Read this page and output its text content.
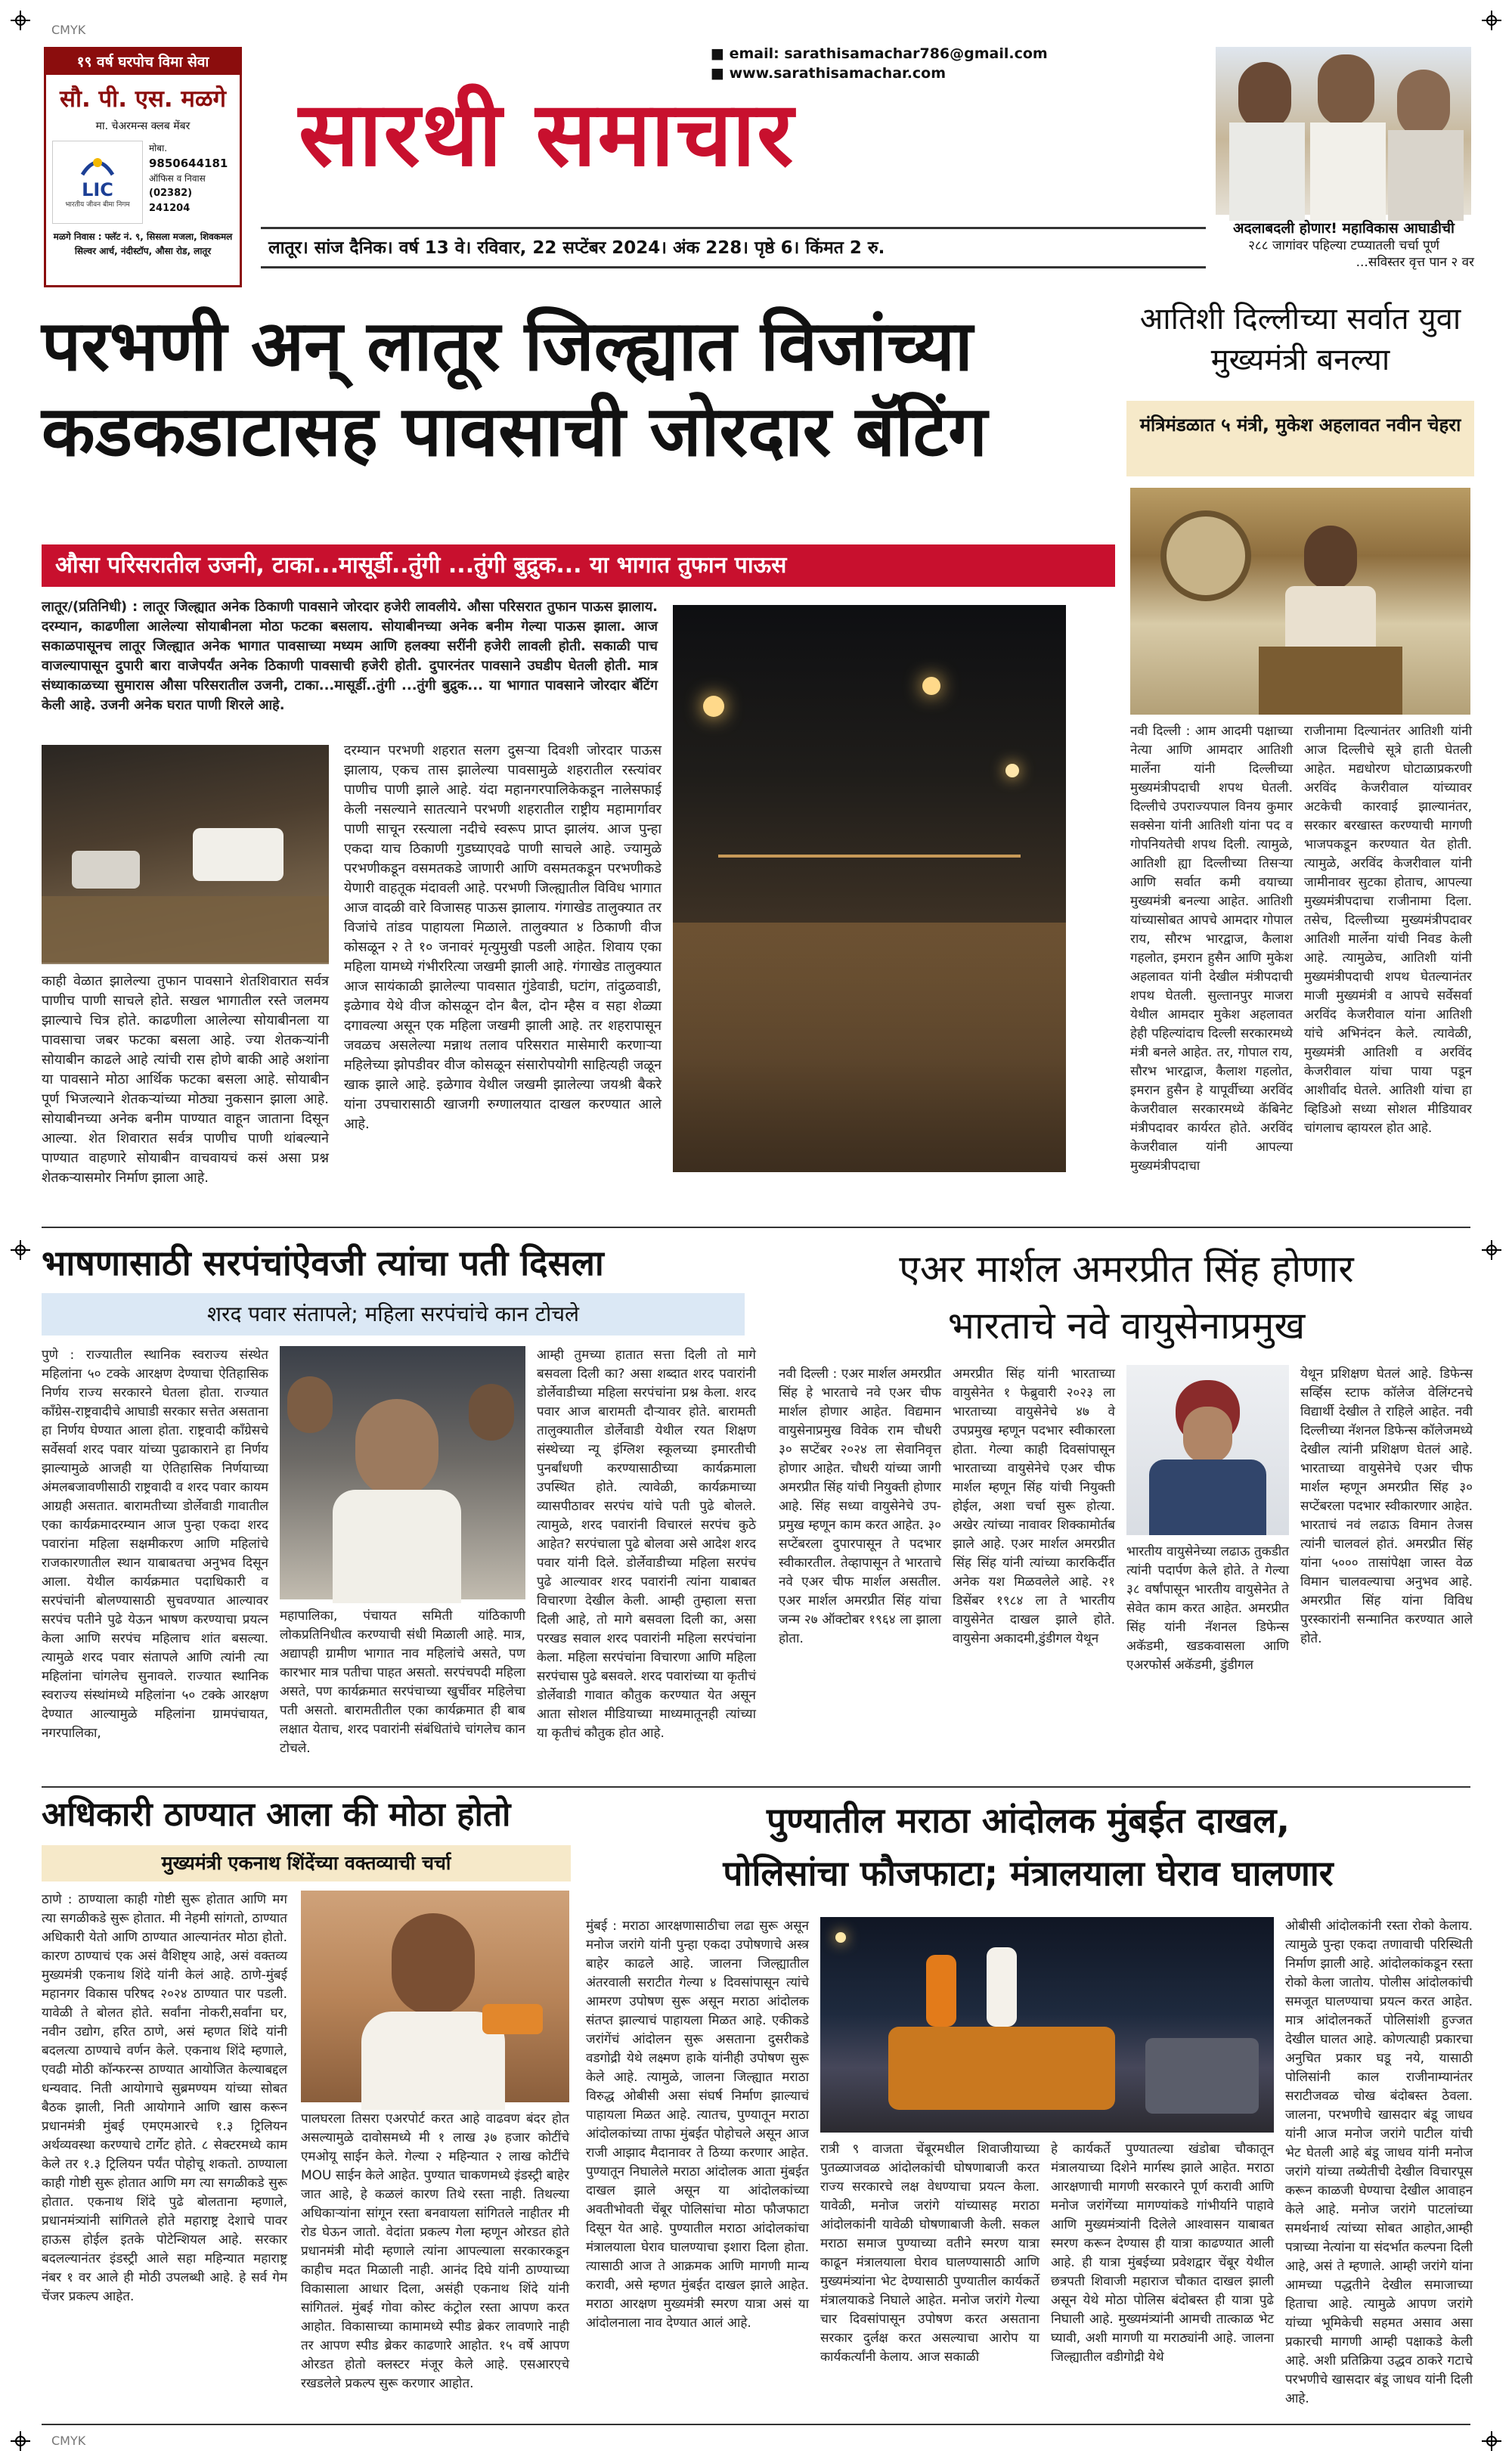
CMYK
CMYK
१९ वर्ष घरपोच विमा सेवा
सौ. पी. एस. मळगे
मा. चेअरमन्स क्लब मेंबर
LIC
भारतीय जीवन बीमा निगम
मोबा.
9850644181
ऑफिस व निवास
(02382) 241204
मळगे निवास : फ्लॅट नं. ९, सिसला मजला, शिवकमल सिल्वर आर्च, नंदीस्टॉप, औसा रोड, लातूर
■ email: sarathisamachar786@gmail.com
■ www.sarathisamachar.com
सारथी समाचार
लातूर। सांज दैनिक। वर्ष 13 वे। रविवार, 22 सप्टेंबर 2024। अंक 228। पृष्ठे 6। किंमत 2 रु.
अदलाबदली होणार! महाविकास आघाडीची
२८८ जागांवर पहिल्या टप्प्यातली चर्चा पूर्ण
...सविस्तर वृत्त पान २ वर
परभणी अन् लातूर जिल्ह्यात विजांच्या
कडकडाटासह पावसाची जोरदार बॅटिंग
औसा परिसरातील उजनी, टाका...मासूर्डी..तुंगी ...तुंगी बुद्रुक... या भागात तुफान पाऊस
लातूर/(प्रतिनिधी) : लातूर जिल्ह्यात अनेक ठिकाणी पावसाने जोरदार हजेरी लावलीये. औसा परिसरात तुफान पाऊस झालाय. दरम्यान, काढणीला आलेल्या सोयाबीनला मोठा फटका बसलाय. सोयाबीनच्या अनेक बनीम गेल्या पाऊस झाला. आज सकाळपासूनच लातूर जिल्ह्यात अनेक भागात पावसाच्या मध्यम आणि हलक्या सरींनी हजेरी लावली होती. सकाळी पाच वाजल्यापासून दुपारी बारा वाजेपर्यंत अनेक ठिकाणी पावसाची हजेरी होती. दुपारनंतर पावसाने उघडीप घेतली होती. मात्र संध्याकाळच्या सुमारास औसा परिसरातील उजनी, टाका...मासूर्डी..तुंगी ...तुंगी बुद्रुक... या भागात पावसाने जोरदार बॅटिंग केली आहे. उजनी अनेक घरात पाणी शिरले आहे.
काही वेळात झालेल्या तुफान पावसाने शेतशिवारात सर्वत्र पाणीच पाणी साचले होते. सखल भागातील रस्ते जलमय झाल्याचे चित्र होते. काढणीला आलेल्या सोयाबीनला या पावसाचा जबर फटका बसला आहे. ज्या शेतकऱ्यांनी सोयाबीन काढले आहे त्यांची रास होणे बाकी आहे अशांना या पावसाने मोठा आर्थिक फटका बसला आहे. सोयाबीन पूर्ण भिजल्याने शेतकऱ्यांच्या मोठ्या नुकसान झाला आहे. सोयाबीनच्या अनेक बनीम पाण्यात वाहून जाताना दिसून आल्या. शेत शिवारात सर्वत्र पाणीच पाणी थांबल्याने पाण्यात वाहणारे सोयाबीन वाचवायचं कसं असा प्रश्न शेतकऱ्यासमोर निर्माण झाला आहे.
दरम्यान परभणी शहरात सलग दुसऱ्या दिवशी जोरदार पाऊस झालाय, एकच तास झालेल्या पावसामुळे शहरातील रस्त्यांवर पाणीच पाणी झाले आहे. यंदा महानगरपालिकेकडून नालेसफाई केली नसल्याने सातत्याने परभणी शहरातील राष्ट्रीय महामार्गावर पाणी साचून रस्त्याला नदीचे स्वरूप प्राप्त झालंय. आज पुन्हा एकदा याच ठिकाणी गुडघ्याएवढे पाणी साचले आहे. ज्यामुळे परभणीकडून वसमतकडे जाणारी आणि वसमतकडून परभणीकडे येणारी वाहतूक मंदावली आहे. परभणी जिल्ह्यातील विविध भागात आज वादळी वारे विजासह पाऊस झालाय. गंगाखेड तालुक्यात तर विजांचे तांडव पाहायला मिळाले. तालुक्यात ४ ठिकाणी वीज कोसळून २ ते १० जनावरं मृत्युमुखी पडली आहेत. शिवाय एका महिला यामध्ये गंभीररित्या जखमी झाली आहे. गंगाखेड तालुक्यात आज सायंकाळी झालेल्या पावसात गुंडेवाडी, घटांग, तांदुळवाडी, इळेगाव येथे वीज कोसळून दोन बैल, दोन म्हैस व सहा शेळ्या दगावल्या असून एक महिला जखमी झाली आहे. तर शहरापासून जवळच असलेल्या मन्नाथ तलाव परिसरात मासेमारी करणाऱ्या महिलेच्या झोपडीवर वीज कोसळून संसारोपयोगी साहित्यही जळून खाक झाले आहे. इळेगाव येथील जखमी झालेल्या जयश्री बैकरे यांना उपचारासाठी खाजगी रुग्णालयात दाखल करण्यात आले आहे.
आतिशी दिल्लीच्या सर्वात युवा मुख्यमंत्री बनल्या
मंत्रिमंडळात ५ मंत्री, मुकेश अहलावत नवीन चेहरा
नवी दिल्ली : आम आदमी पक्षाच्या नेत्या आणि आमदार आतिशी मार्लेना यांनी दिल्लीच्या मुख्यमंत्रीपदाची शपथ घेतली. दिल्लीचे उपराज्यपाल विनय कुमार सक्सेना यांनी आतिशी यांना पद व गोपनियतेची शपथ दिली. त्यामुळे, आतिशी ह्या दिल्लीच्या तिसऱ्या आणि सर्वात कमी वयाच्या मुख्यमंत्री बनल्या आहेत. आतिशी यांच्यासोबत आपचे आमदार गोपाल राय, सौरभ भारद्वाज, कैलाश गहलोत, इमरान हुसैन आणि मुकेश अहलावत यांनी देखील मंत्रीपदाची शपथ घेतली. सुल्तानपुर माजरा येथील आमदार मुकेश अहलावत हेही पहिल्यांदाच दिल्ली सरकारमध्ये मंत्री बनले आहेत. तर, गोपाल राय, सौरभ भारद्वाज, कैलाश गहलोत, इमरान हुसैन हे यापूर्वीच्या अरविंद केजरीवाल सरकारमध्ये कॅबिनेट मंत्रीपदावर कार्यरत होते. अरविंद केजरीवाल यांनी आपल्या मुख्यमंत्रीपदाचा
राजीनामा दिल्यानंतर आतिशी यांनी आज दिल्लीचे सूत्रे हाती घेतली आहेत. मद्यधोरण घोटाळाप्रकरणी अरविंद केजरीवाल यांच्यावर अटकेची कारवाई झाल्यानंतर, सरकार बरखास्त करण्याची मागणी भाजपकडून करण्यात येत होती. त्यामुळे, अरविंद केजरीवाल यांनी जामीनावर सुटका होताच, आपल्या मुख्यमंत्रीपदाचा राजीनामा दिला. तसेच, दिल्लीच्या मुख्यमंत्रीपदावर आतिशी मार्लेना यांची निवड केली आहे. त्यामुळेच, आतिशी यांनी मुख्यमंत्रीपदाची शपथ घेतल्यानंतर माजी मुख्यमंत्री व आपचे सर्वेसर्वा अरविंद केजरीवाल यांना आतिशी यांचे अभिनंदन केले. त्यावेळी, मुख्यमंत्री आतिशी व अरविंद केजरीवाल यांचा पाया पडून आशीर्वाद घेतले. आतिशी यांचा हा व्हिडिओ सध्या सोशल मीडियावर चांगलाच व्हायरल होत आहे.
भाषणासाठी सरपंचांऐवजी त्यांचा पती दिसला
शरद पवार संतापले; महिला सरपंचांचे कान टोचले
पुणे : राज्यातील स्थानिक स्वराज्य संस्थेत महिलांना ५० टक्के आरक्षण देण्याचा ऐतिहासिक निर्णय राज्य सरकारने घेतला होता. राज्यात काँग्रेस-राष्ट्रवादीचे आघाडी सरकार सत्तेत असताना हा निर्णय घेण्यात आला होता. राष्ट्रवादी काँग्रेसचे सर्वेसर्वा शरद पवार यांच्या पुढाकाराने हा निर्णय झाल्यामुळे आजही या ऐतिहासिक निर्णयाच्या अंमलबजावणीसाठी राष्ट्रवादी व शरद पवार कायम आग्रही असतात. बारामतीच्या डोर्लेवाडी गावातील एका कार्यक्रमादरम्यान आज पुन्हा एकदा शरद पवारांना महिला सक्षमीकरण आणि महिलांचे राजकारणातील स्थान याबाबतचा अनुभव दिसून आला. येथील कार्यक्रमात पदाधिकारी व सरपंचांनी बोलण्यासाठी सुचवण्यात आल्यावर सरपंच पतीने पुढे येऊन भाषण करण्याचा प्रयत्न केला आणि सरपंच महिलाच शांत बसल्या. त्यामुळे शरद पवार संतापले आणि त्यांनी त्या महिलांना चांगलेच सुनावले. राज्यात स्थानिक स्वराज्य संस्थांमध्ये महिलांना ५० टक्के आरक्षण देण्यात आल्यामुळे महिलांना ग्रामपंचायत, नगरपालिका,
महापालिका, पंचायत समिती यांठिकाणी लोकप्रतिनिधीत्व करण्याची संधी मिळाली आहे. मात्र, अद्यापही ग्रामीण भागात नाव महिलांचे असते, पण कारभार मात्र पतीचा पाहत असतो. सरपंचपदी महिला असते, पण कार्यक्रमात सरपंचाच्या खुर्चीवर महिलेचा पती असतो. बारामतीतील एका कार्यक्रमात ही बाब लक्षात येताच, शरद पवारांनी संबंधितांचे चांगलेच कान टोचले.
आम्ही तुमच्या हातात सत्ता दिली तो मागे बसवला दिली का? असा शब्दात शरद पवारांनी डोर्लेवाडीच्या महिला सरपंचांना प्रश्न केला. शरद पवार आज बारामती दौऱ्यावर होते. बारामती तालुक्यातील डोर्लेवाडी येथील रयत शिक्षण संस्थेच्या न्यू इंग्लिश स्कूलच्या इमारतीची पुनर्बांधणी करण्यासाठीच्या कार्यक्रमाला उपस्थित होते. त्यावेळी, कार्यक्रमाच्या व्यासपीठावर सरपंच यांचे पती पुढे बोलले. त्यामुळे, शरद पवारांनी विचारलं सरपंच कुठे आहेत? सरपंचाला पुढे बोलवा असे आदेश शरद पवार यांनी दिले. डोर्लेवाडीच्या महिला सरपंच पुढे आल्यावर शरद पवारांनी त्यांना याबाबत विचारणा देखील केली. आम्ही तुम्हाला सत्ता दिली आहे, तो मागे बसवला दिली का, असा परखड सवाल शरद पवारांनी महिला सरपंचांना केला. महिला सरपंचांना विचारणा आणि महिला सरपंचास पुढे बसवले. शरद पवारांच्या या कृतीचं डोर्लेवाडी गावात कौतुक करण्यात येत असून आता सोशल मीडियाच्या माध्यमातूनही त्यांच्या या कृतीचं कौतुक होत आहे.
एअर मार्शल अमरप्रीत सिंह होणार
भारताचे नवे वायुसेनाप्रमुख
नवी दिल्ली : एअर मार्शल अमरप्रीत सिंह हे भारताचे नवे एअर चीफ मार्शल होणार आहेत. विद्यमान वायुसेनाप्रमुख विवेक राम चौधरी ३० सप्टेंबर २०२४ ला सेवानिवृत्त होणार आहेत. चौधरी यांच्या जागी अमरप्रीत सिंह यांची नियुक्ती होणार आहे. सिंह सध्या वायुसेनेचे उप-प्रमुख म्हणून काम करत आहेत. ३० सप्टेंबरला दुपारपासून ते पदभार स्वीकारतील. तेव्हापासून ते भारताचे नवे एअर चीफ मार्शल असतील. एअर मार्शल अमरप्रीत सिंह यांचा जन्म २७ ऑक्टोबर १९६४ ला झाला होता.
अमरप्रीत सिंह यांनी भारताच्या वायुसेनेत १ फेब्रुवारी २०२३ ला भारताच्या वायुसेनेचे ४७ वे उपप्रमुख म्हणून पदभार स्वीकारला होता. गेल्या काही दिवसांपासून भारताच्या वायुसेनेचे एअर चीफ मार्शल म्हणून सिंह यांची नियुक्ती होईल, अशा चर्चा सुरू होत्या. अखेर त्यांच्या नावावर शिक्कामोर्तब झाले आहे. एअर मार्शल अमरप्रीत सिंह सिंह यांनी त्यांच्या कारकिर्दीत अनेक यश मिळवलेले आहे. २१ डिसेंबर १९८४ ला ते भारतीय वायुसेनेत दाखल झाले होते. वायुसेना अकादमी,डुंडीगल येथून
भारतीय वायुसेनेच्या लढाऊ तुकडीत त्यांनी पदार्पण केले होते. ते गेल्या ३८ वर्षांपासून भारतीय वायुसेनेत ते सेवेत काम करत आहेत. अमरप्रीत सिंह यांनी नॅशनल डिफेन्स अकॅडमी, खडकवासला आणि एअरफोर्स अकॅडमी, डुंडीगल
येथून प्रशिक्षण घेतलं आहे. डिफेन्स सर्व्हिस स्टाफ कॉलेज वेलिंग्टनचे विद्यार्थी देखील ते राहिले आहेत. नवी दिल्लीच्या नॅशनल डिफेन्स कॉलेजमध्ये देखील त्यांनी प्रशिक्षण घेतलं आहे. भारताच्या वायुसेनेचे एअर चीफ मार्शल म्हणून अमरप्रीत सिंह ३० सप्टेंबरला पदभार स्वीकारणार आहेत. भारताचं नवं लढाऊ विमान तेजस त्यांनी चालवलं होतं. अमरप्रीत सिंह यांना ५००० तासांपेक्षा जास्त वेळ विमान चालवल्याचा अनुभव आहे. अमरप्रीत सिंह यांना विविध पुरस्कारांनी सन्मानित करण्यात आले होते.
अधिकारी ठाण्यात आला की मोठा होतो
मुख्यमंत्री एकनाथ शिंदेंच्या वक्तव्याची चर्चा
ठाणे : ठाण्याला काही गोष्टी सुरू होतात आणि मग त्या सगळीकडे सुरू होतात. मी नेहमी सांगतो, ठाण्यात अधिकारी येतो आणि ठाण्यात आल्यानंतर मोठा होतो. कारण ठाण्याचं एक असं वैशिष्ट्य आहे, असं वक्तव्य मुख्यमंत्री एकनाथ शिंदे यांनी केलं आहे. ठाणे-मुंबई महानगर विकास परिषद २०२४ ठाण्यात पार पडली. यावेळी ते बोलत होते. सर्वांना नोकरी,सर्वांना घर, नवीन उद्योग, हरित ठाणे, असं म्हणत शिंदे यांनी बदलत्या ठाण्याचे वर्णन केले. एकनाथ शिंदे म्हणाले, एवढी मोठी कॉन्फरन्स ठाण्यात आयोजित केल्याबद्दल धन्यवाद. निती आयोगाचे सुब्रमण्यम यांच्या सोबत बैठक झाली, निती आयोगाने आणि खास करून प्रधानमंत्री मुंबई एमएमआरचे १.३ ट्रिलियन अर्थव्यवस्था करण्याचे टार्गेट होते. ८ सेक्टरमध्ये काम केले तर १.३ ट्रिलियन पर्यंत पोहोचू शकतो. ठाण्याला काही गोष्टी सुरू होतात आणि मग त्या सगळीकडे सुरू होतात. एकनाथ शिंदे पुढे बोलताना म्हणाले, प्रधानमंत्र्यांनी सांगितले होते महाराष्ट्र देशाचे पावर हाऊस होईल इतके पोटेन्शियल आहे. सरकार बदलल्यानंतर इंडस्ट्री आले सहा महिन्यात महाराष्ट्र नंबर १ वर आले ही मोठी उपलब्धी आहे. हे सर्व गेम चेंजर प्रकल्प आहेत.
पालघरला तिसरा एअरपोर्ट करत आहे वाढवण बंदर होत असल्यामुळे दावोसमध्ये मी १ लाख ३७ हजार कोटींचे एमओयू साईन केले. गेल्या २ महिन्यात २ लाख कोटींचे MOU साईन केले आहेत. पुण्यात चाकणमध्ये इंडस्ट्री बाहेर जात आहे, हे कळलं कारण तिथे रस्ता नाही. तिथल्या अधिकाऱ्यांना सांगून रस्ता बनवायला सांगितले नाहीतर मी रोड घेऊन जातो. वेदांता प्रकल्प गेला म्हणून ओरडत होते प्रधानमंत्री मोदी म्हणाले त्यांना आपल्याला सरकारकडून काहीच मदत मिळाली नाही. आनंद दिघे यांनी ठाण्याच्या विकासाला आधार दिला, असंही एकनाथ शिंदे यांनी सांगितलं. मुंबई गोवा कोस्ट कंट्रोल रस्ता आपण करत आहोत. विकासाच्या कामामध्ये स्पीड ब्रेकर लावणारे नाही तर आपण स्पीड ब्रेकर काढणारे आहोत. १५ वर्षे आपण ओरडत होतो क्लस्टर मंजूर केले आहे. एसआरएचे रखडलेले प्रकल्प सुरू करणार आहोत.
पुण्यातील मराठा आंदोलक मुंबईत दाखल,
पोलिसांचा फौजफाटा; मंत्रालयाला घेराव घालणार
मुंबई : मराठा आरक्षणासाठीचा लढा सुरू असून मनोज जरांगे यांनी पुन्हा एकदा उपोषणाचे अस्त्र बाहेर काढले आहे. जालना जिल्ह्यातील अंतरवाली सराटीत गेल्या ४ दिवसांपासून त्यांचे आमरण उपोषण सुरू असून मराठा आंदोलक संतप्त झाल्याचं पाहायला मिळत आहे. एकीकडे जरांगेंचं आंदोलन सुरू असताना दुसरीकडे वडगोद्री येथे लक्ष्मण हाके यांनीही उपोषण सुरू केले आहे. त्यामुळे, जालना जिल्ह्यात मराठा विरुद्ध ओबीसी असा संघर्ष निर्माण झाल्याचं पाहायला मिळत आहे. त्यातच, पुण्यातून मराठा आंदोलकांच्या ताफा मुंबईत पोहोचले असून आज राजी आझाद मैदानावर ते ठिय्या करणार आहेत. पुण्यातून निघालेले मराठा आंदोलक आता मुंबईत दाखल झाले असून या आंदोलकांच्या अवतीभोवती चेंबूर पोलिसांचा मोठा फौजफाटा दिसून येत आहे. पुण्यातील मराठा आंदोलकांचा मंत्रालयाला घेराव घालण्याचा इशारा दिला होता. त्यासाठी आज ते आक्रमक आणि मागणी मान्य करावी, असे म्हणत मुंबईत दाखल झाले आहेत. मराठा आरक्षण मुख्यमंत्री स्मरण यात्रा असं या आंदोलनाला नाव देण्यात आलं आहे.
रात्री ९ वाजता चेंबूरमधील शिवाजीयाच्या पुतळ्याजवळ आंदोलकांची घोषणाबाजी करत राज्य सरकारचे लक्ष वेधण्याचा प्रयत्न केला. यावेळी, मनोज जरांगे यांच्यासह मराठा आंदोलकांनी यावेळी घोषणाबाजी केली. सकल मराठा समाज पुण्याच्या वतीने स्मरण यात्रा काढून मंत्रालयाला घेराव घालण्यासाठी आणि मुख्यमंत्र्यांना भेट देण्यासाठी पुण्यातील कार्यकर्ते मंत्रालयाकडे निघाले आहेत. मनोज जरांगे गेल्या चार दिवसांपासून उपोषण करत असताना सरकार दुर्लक्ष करत असल्याचा आरोप या कार्यकर्त्यांनी केलाय. आज सकाळी
हे कार्यकर्ते पुण्यातल्या खंडोबा चौकातून मंत्रालयाच्या दिशेने मार्गस्थ झाले आहेत. मराठा आरक्षणाची मागणी सरकारने पूर्ण करावी आणि मनोज जरांगेंच्या मागण्यांकडे गांभीर्याने पाहावे आणि मुख्यमंत्र्यांनी दिलेले आश्वासन याबाबत स्मरण करून देण्यास ही यात्रा काढण्यात आली आहे. ही यात्रा मुंबईच्या प्रवेशद्वार चेंबूर येथील छत्रपती शिवाजी महाराज चौकात दाखल झाली असून येथे मोठा पोलिस बंदोबस्त ही यात्रा पुढे निघाली आहे. मुख्यमंत्र्यांनी आमची तात्काळ भेट घ्यावी, अशी मागणी या मराठ्यांनी आहे. जालना जिल्ह्यातील वडीगोद्री येथे
ओबीसी आंदोलकांनी रस्ता रोको केलाय. त्यामुळे पुन्हा एकदा तणावाची परिस्थिती निर्माण झाली आहे. आंदोलकांकडून रस्ता रोको केला जातोय. पोलीस आंदोलकांची समजूत घालण्याचा प्रयत्न करत आहेत. मात्र आंदोलनकर्ते पोलिसांशी हुज्जत देखील घालत आहे. कोणत्याही प्रकारचा अनुचित प्रकार घडू नये, यासाठी पोलिसांनी काल राजीनाम्यानंतर सराटीजवळ चोख बंदोबस्त ठेवला. जालना, परभणीचे खासदार बंडू जाधव यांनी आज मनोज जरांगे पाटील यांची भेट घेतली आहे बंडू जाधव यांनी मनोज जरांगे यांच्या तब्येतीची देखील विचारपूस करून काळजी घेण्याचा देखील आवाहन केले आहे. मनोज जरांगे पाटलांच्या समर्थनार्थ त्यांच्या सोबत आहोत,आम्ही पत्राच्या नेत्यांना या संदर्भात कल्पना दिली आहे, असं ते म्हणाले. आम्ही जरांगे यांना आमच्या पद्धतीने देखील समाजाच्या हिताचा आहे. त्यामुळे आपण जरांगे यांच्या भूमिकेची सहमत असाव असा प्रकारची मागणी आम्ही पक्षाकडे केली आहे. अशी प्रतिक्रिया उद्धव ठाकरे गटाचे परभणीचे खासदार बंडू जाधव यांनी दिली आहे.
